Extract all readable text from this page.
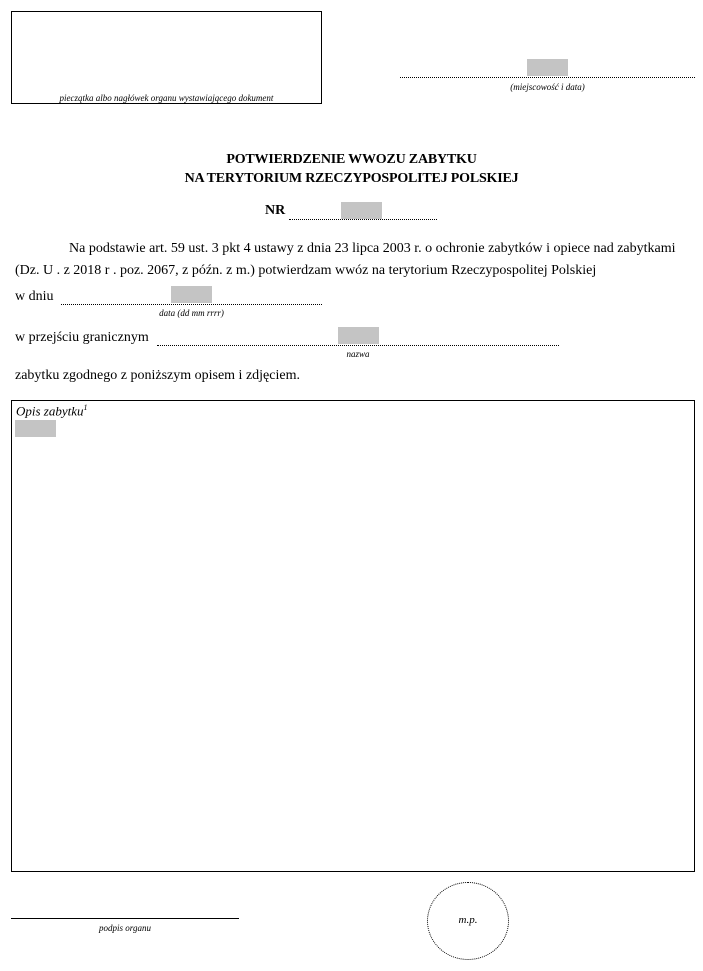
pieczątka albo nagłówek organu wystawiającego dokument
(miejscowość i data)
POTWIERDZENIE WWOZU ZABYTKU
NA TERYTORIUM RZECZYPOSPOLITEJ POLSKIEJ
NR
Na podstawie art. 59 ust. 3 pkt 4 ustawy z dnia 23 lipca 2003 r. o ochronie zabytków i opiece nad zabytkami
(Dz. U . z 2018 r . poz. 2067, z późn. z m.) potwierdzam wwóz na terytorium Rzeczypospolitej Polskiej
w dniu
data (dd mm rrrr)
w przejściu granicznym
nazwa
zabytku zgodnego z poniższym opisem i zdjęciem.
Opis zabytku$^1$
podpis organu
m.p.
